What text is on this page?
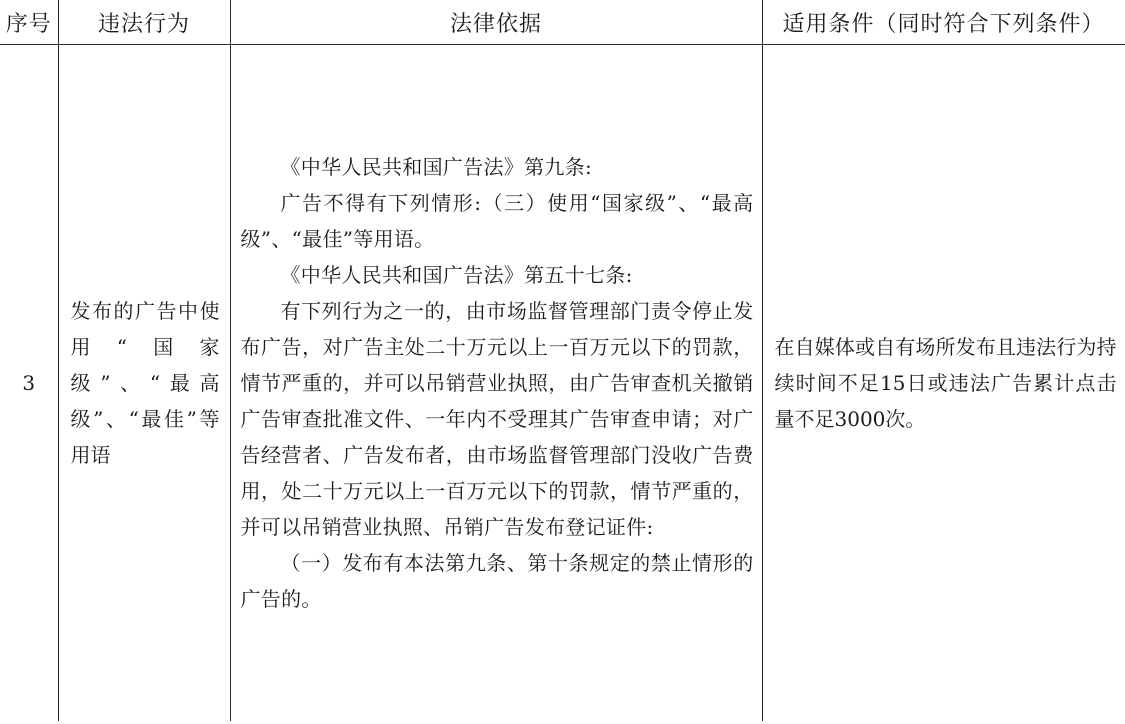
序号	违法行为	法律依据	适用条件（同时符合下列条件）
3	发布的广告中使用“国家级”、“最高级”、“最佳”等用语	《中华人民共和国广告法》第九条:

广告不得有下列情形:（三）使用“国家级”、“最高级”、“最佳”等用语。

《中华人民共和国广告法》第五十七条:

有下列行为之一的，由市场监督管理部门责令停止发布广告，对广告主处二十万元以上一百万元以下的罚款，情节严重的，并可以吊销营业执照，由广告审查机关撤销广告审查批准文件、一年内不受理其广告审查申请；对广告经营者、广告发布者，由市场监督管理部门没收广告费用，处二十万元以上一百万元以下的罚款，情节严重的，并可以吊销营业执照、吊销广告发布登记证件:

（一）发布有本法第九条、第十条规定的禁止情形的广告的。	在自媒体或自有场所发布且违法行为持续时间不足15日或违法广告累计点击量不足3000次。
